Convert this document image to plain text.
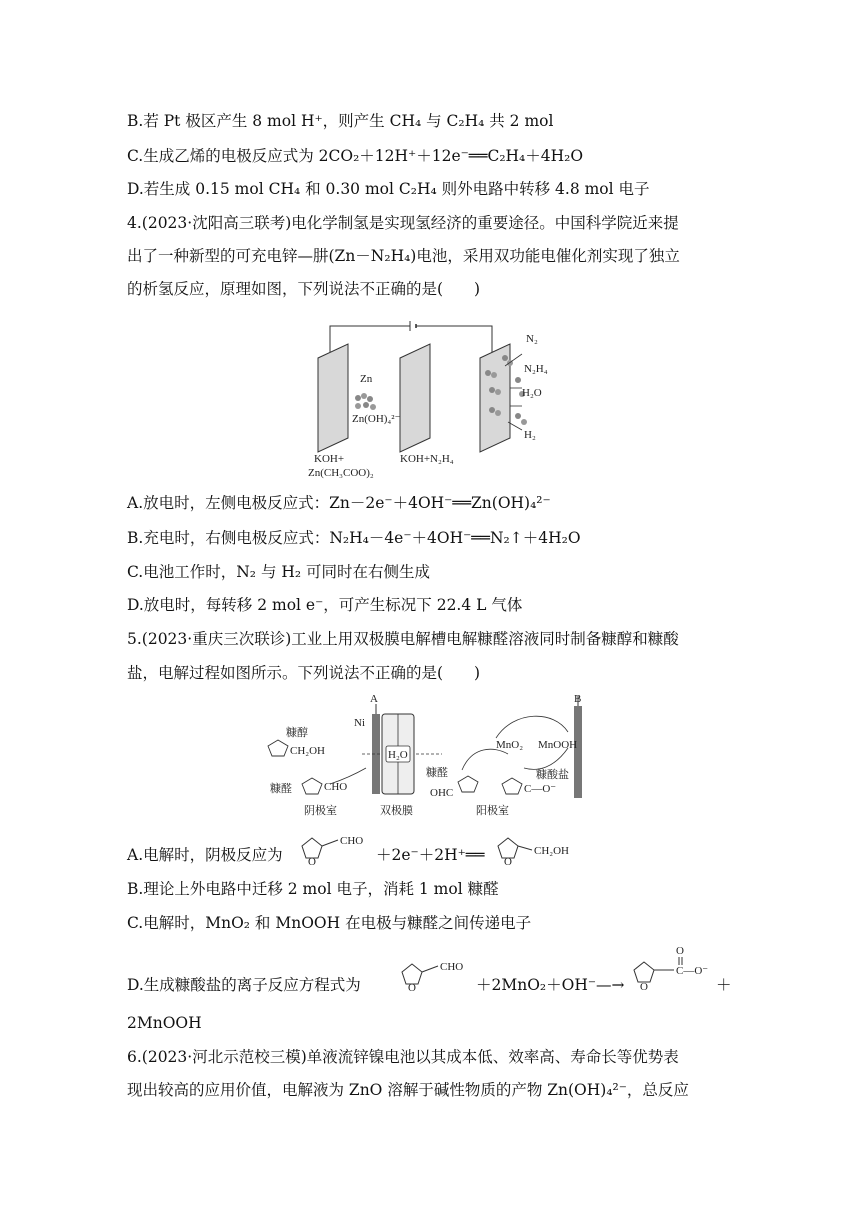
B.若 Pt 极区产生 8 mol H⁺，则产生 CH₄ 与 C₂H₄ 共 2 mol
C.生成乙烯的电极反应式为 2CO₂＋12H⁺＋12e⁻══C₂H₄＋4H₂O
D.若生成 0.15 mol CH₄ 和 0.30 mol C₂H₄ 则外电路中转移 4.8 mol 电子
4.(2023·沈阳高三联考)电化学制氢是实现氢经济的重要途径。中国科学院近来提
出了一种新型的可充电锌—肼(Zn－N₂H₄)电池，采用双功能电催化剂实现了独立
的析氢反应，原理如图，下列说法不正确的是(　　)
Zn
Zn(OH)₄²⁻
N₂
N₂H₄
H₂O
H₂
KOH+
Zn(CH₃COO)₂
KOH+N₂H₄
A.放电时，左侧电极反应式：Zn－2e⁻＋4OH⁻══Zn(OH)₄²⁻
B.充电时，右侧电极反应式：N₂H₄－4e⁻＋4OH⁻══N₂↑＋4H₂O
C.电池工作时，N₂ 与 H₂ 可同时在右侧生成
D.放电时，每转移 2 mol e⁻，可产生标况下 22.4 L 气体
5.(2023·重庆三次联诊)工业上用双极膜电解槽电解糠醛溶液同时制备糠醇和糠酸
盐，电解过程如图所示。下列说法不正确的是(　　)
A	B
Ni
糠醇
CH₂OH
糠醛	CHO
H₂O
MnO₂ MnOOH
糠醛
OHC
糠酸盐
C—O⁻
阴极室	双极膜	阳极室
A.电解时，阴极反应为 O
CHO
＋2e⁻＋2H⁺══ O
CH₂OH
B.理论上外电路中迁移 2 mol 电子，消耗 1 mol 糠醛
C.电解时，MnO₂ 和 MnOOH 在电极与糠醛之间传递电子
D.生成糠酸盐的离子反应方程式为	O
CHO
＋2MnO₂＋OH⁻—→ O
O
C—O⁻
＋
2MnOOH
6.(2023·河北示范校三模)单液流锌镍电池以其成本低、效率高、寿命长等优势表
现出较高的应用价值，电解液为 ZnO 溶解于碱性物质的产物 Zn(OH)₄²⁻，总反应
